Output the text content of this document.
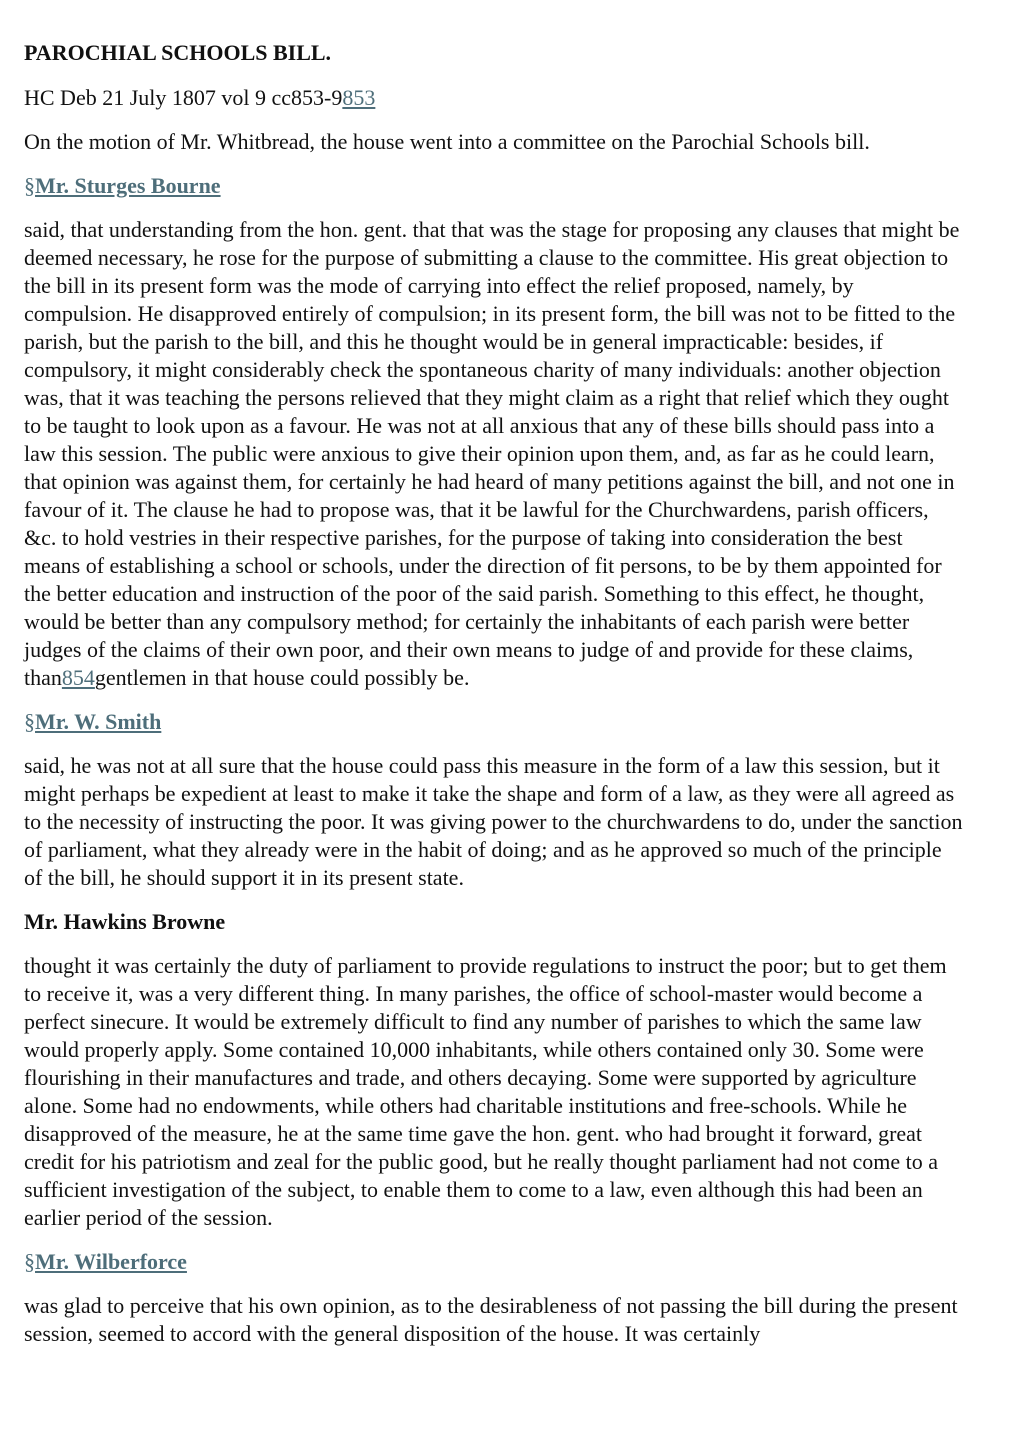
PAROCHIAL SCHOOLS BILL.

HC Deb 21 July 1807 vol 9 cc853-9853

On the motion of Mr. Whitbread, the house went into a committee on the Parochial Schools bill.

§Mr. Sturges Bourne

said, that understanding from the hon. gent. that that was the stage for proposing any clauses that might be deemed necessary, he rose for the purpose of submitting a clause to the committee. His great objection to the bill in its present form was the mode of carrying into effect the relief proposed, namely, by compulsion. He disapproved entirely of compulsion; in its present form, the bill was not to be fitted to the parish, but the parish to the bill, and this he thought would be in general impracticable: besides, if compulsory, it might considerably check the spontaneous charity of many individuals: another objection was, that it was teaching the persons relieved that they might claim as a right that relief which they ought to be taught to look upon as a favour. He was not at all anxious that any of these bills should pass into a law this session. The public were anxious to give their opinion upon them, and, as far as he could learn, that opinion was against them, for certainly he had heard of many petitions against the bill, and not one in favour of it. The clause he had to propose was, that it be lawful for the Churchwardens, parish officers, &c. to hold vestries in their respective parishes, for the purpose of taking into consideration the best means of establishing a school or schools, under the direction of fit persons, to be by them appointed for the better education and instruction of the poor of the said parish. Something to this effect, he thought, would be better than any compulsory method; for certainly the inhabitants of each parish were better judges of the claims of their own poor, and their own means to judge of and provide for these claims, than854gentlemen in that house could possibly be.

§Mr. W. Smith

said, he was not at all sure that the house could pass this measure in the form of a law this session, but it might perhaps be expedient at least to make it take the shape and form of a law, as they were all agreed as to the necessity of instructing the poor. It was giving power to the churchwardens to do, under the sanction of parliament, what they already were in the habit of doing; and as he approved so much of the principle of the bill, he should support it in its present state.

Mr. Hawkins Browne

thought it was certainly the duty of parliament to provide regulations to instruct the poor; but to get them to receive it, was a very different thing. In many parishes, the office of school-master would become a perfect sinecure. It would be extremely difficult to find any number of parishes to which the same law would properly apply. Some contained 10,000 inhabitants, while others contained only 30. Some were flourishing in their manufactures and trade, and others decaying. Some were supported by agriculture alone. Some had no endowments, while others had charitable institutions and free-schools. While he disapproved of the measure, he at the same time gave the hon. gent. who had brought it forward, great credit for his patriotism and zeal for the public good, but he really thought parliament had not come to a sufficient investigation of the subject, to enable them to come to a law, even although this had been an earlier period of the session.

§Mr. Wilberforce

was glad to perceive that his own opinion, as to the desirableness of not passing the bill during the present session, seemed to accord with the general disposition of the house. It was certainly
